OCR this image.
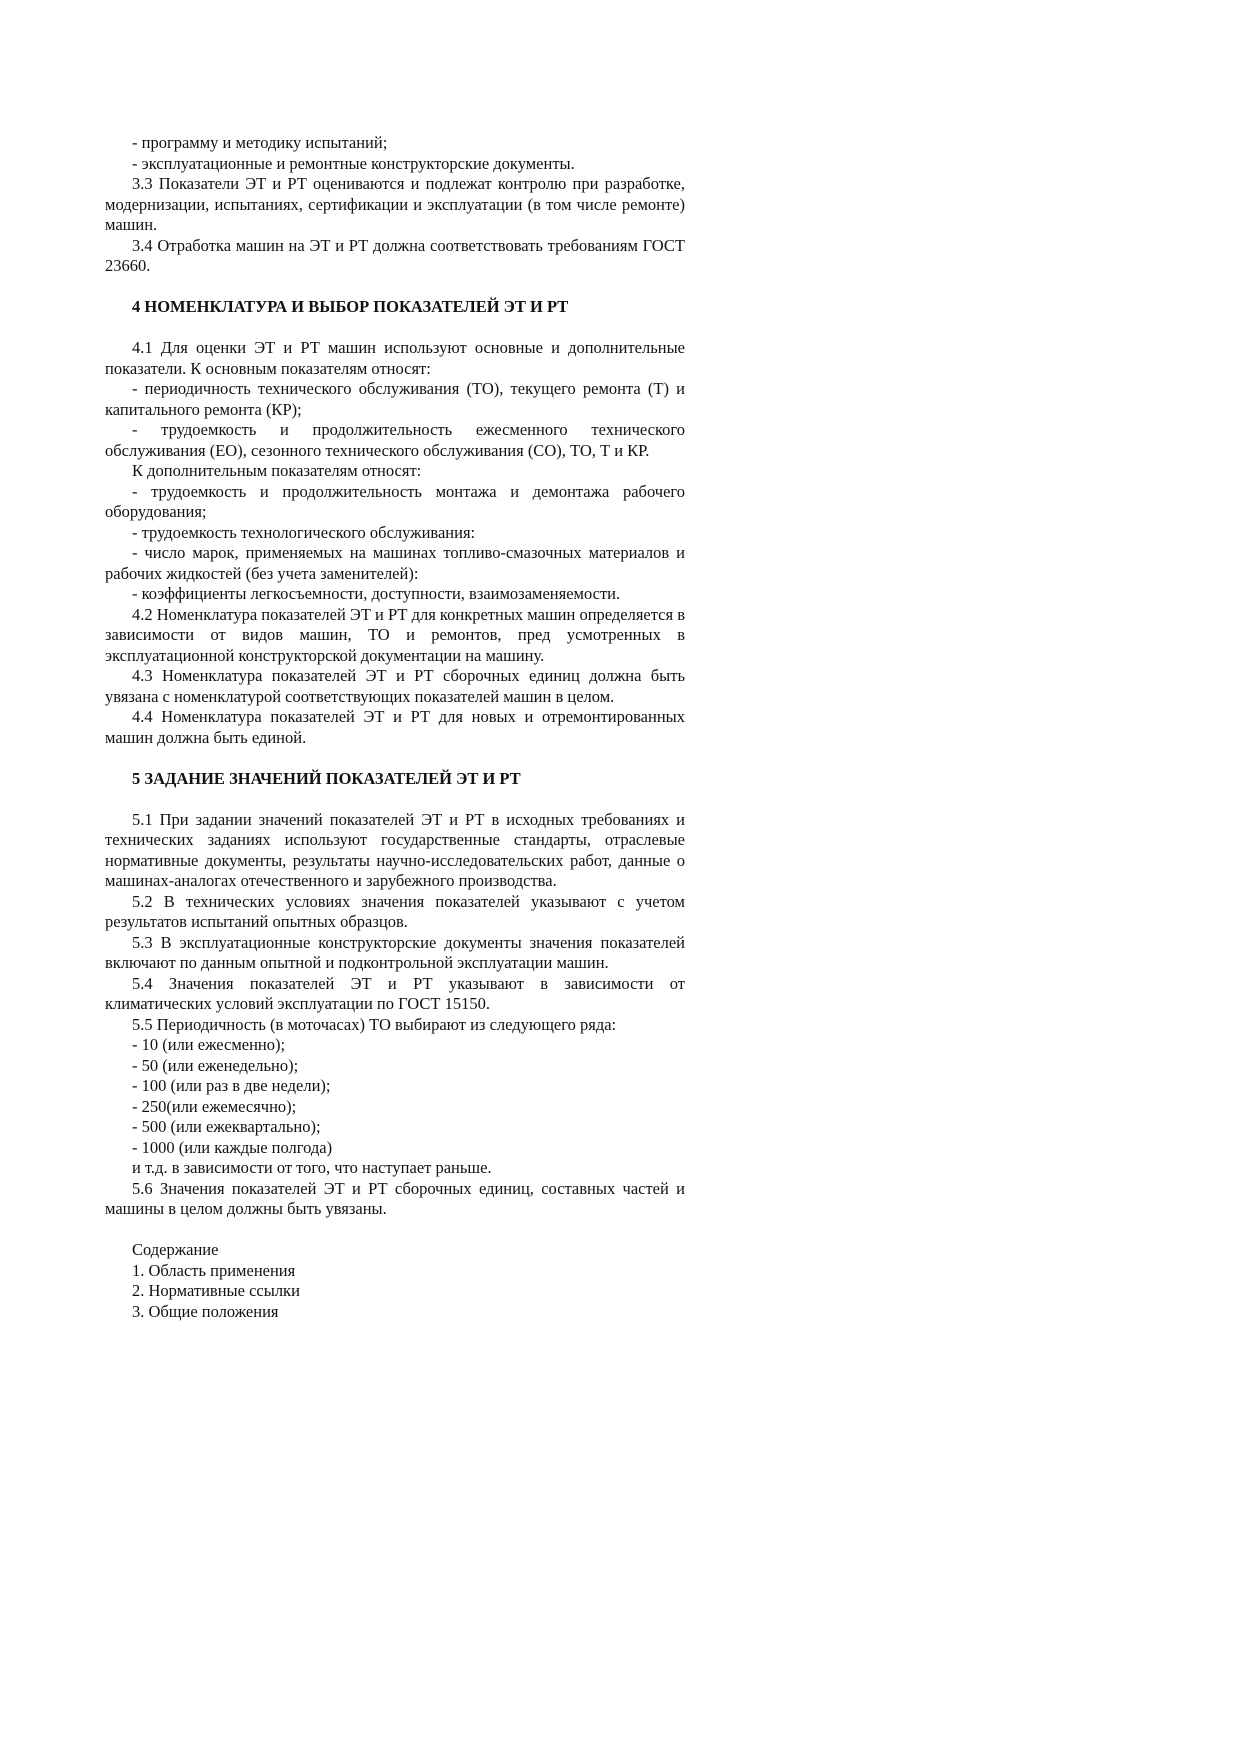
- программу и методику испытаний;

- эксплуатационные и ремонтные конструкторские документы.

3.3 Показатели ЭТ и РТ оцениваются и подлежат контролю при разработке, модернизации, испытаниях, сертификации и эксплуатации (в том числе ремонте) машин.

3.4 Отработка машин на ЭТ и РТ должна соответствовать требованиям ГОСТ 23660.

4 НОМЕНКЛАТУРА И ВЫБОР ПОКАЗАТЕЛЕЙ ЭТ И РТ

4.1 Для оценки ЭТ и РТ машин используют основные и дополнительные показатели. К основным показателям относят:

- периодичность технического обслуживания (ТО), текущего ремонта (Т) и капитального ремонта (КР);

- трудоемкость и продолжительность ежесменного технического обслуживания (ЕО), сезонного технического обслуживания (СО), ТО, Т и КР.

К дополнительным показателям относят:

- трудоемкость и продолжительность монтажа и демонтажа рабочего оборудования;

- трудоемкость технологического обслуживания:

- число марок, применяемых на машинах топливо-смазочных материалов и рабочих жидкостей (без учета заменителей):

- коэффициенты легкосъемности, доступности, взаимозаменяемости.

4.2 Номенклатура показателей ЭТ и РТ для конкретных машин определяется в зависимости от видов машин, ТО и ремонтов, пред усмотренных в эксплуатационной конструкторской документации на машину.

4.3 Номенклатура показателей ЭТ и РТ сборочных единиц должна быть увязана с номенклатурой соответствующих показателей машин в целом.

4.4 Номенклатура показателей ЭТ и РТ для новых и отремонтированных машин должна быть единой.

5 ЗАДАНИЕ ЗНАЧЕНИЙ ПОКАЗАТЕЛЕЙ ЭТ И РТ

5.1 При задании значений показателей ЭТ и РТ в исходных требованиях и технических заданиях используют государственные стандарты, отраслевые нормативные документы, результаты научно-исследовательских работ, данные о машинах-аналогах отечественного и зарубежного производства.

5.2 В технических условиях значения показателей указывают с учетом результатов испытаний опытных образцов.

5.3 В эксплуатационные конструкторские документы значения показателей включают по данным опытной и подконтрольной эксплуатации машин.

5.4 Значения показателей ЭТ и РТ указывают в зависимости от климатических условий эксплуатации по ГОСТ 15150.

5.5 Периодичность (в моточасах) ТО выбирают из следующего ряда:

- 10 (или ежесменно);

- 50 (или еженедельно);

- 100 (или раз в две недели);

- 250(или ежемесячно);

- 500 (или ежеквартально);

- 1000 (или каждые полгода)

и т.д. в зависимости от того, что наступает раньше.

5.6 Значения показателей ЭТ и РТ сборочных единиц, составных частей и машины в целом должны быть увязаны.

Содержание

1. Область применения

2. Нормативные ссылки

3. Общие положения
